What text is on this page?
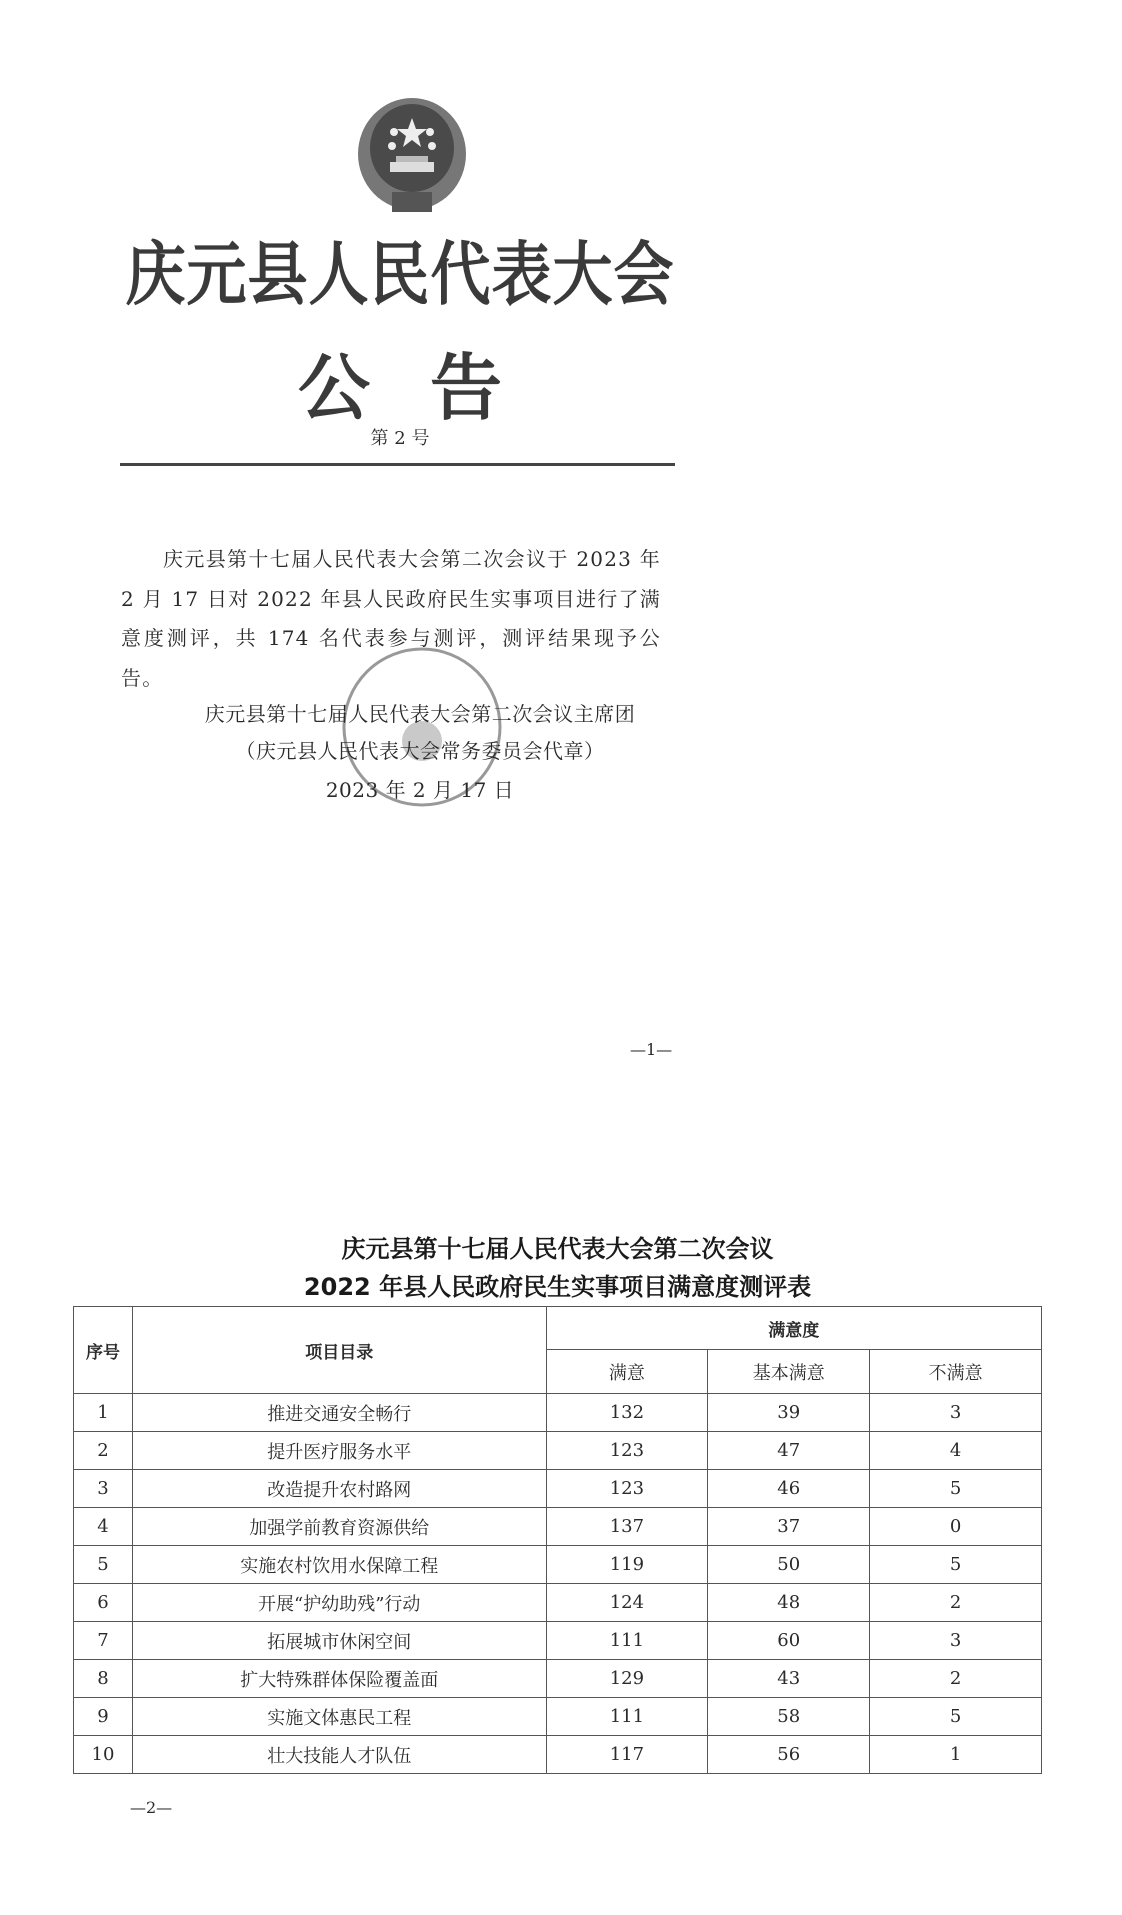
庆元县人民代表大会
公告
第 2 号
庆元县第十七届人民代表大会第二次会议于 2023 年 2 月 17 日对 2022 年县人民政府民生实事项目进行了满意度测评，共 174 名代表参与测评，测评结果现予公告。
庆元县第十七届人民代表大会第二次会议主席团
（庆元县人民代表大会常务委员会代章）
2023 年 2 月 17 日
—1—
庆元县第十七届人民代表大会第二次会议
2022 年县人民政府民生实事项目满意度测评表
序号	项目目录	满意度		
		满意	基本满意	不满意
1	推进交通安全畅行	132	39	3
2	提升医疗服务水平	123	47	4
3	改造提升农村路网	123	46	5
4	加强学前教育资源供给	137	37	0
5	实施农村饮用水保障工程	119	50	5
6	开展“护幼助残”行动	124	48	2
7	拓展城市休闲空间	111	60	3
8	扩大特殊群体保险覆盖面	129	43	2
9	实施文体惠民工程	111	58	5
10	壮大技能人才队伍	117	56	1
—2—
